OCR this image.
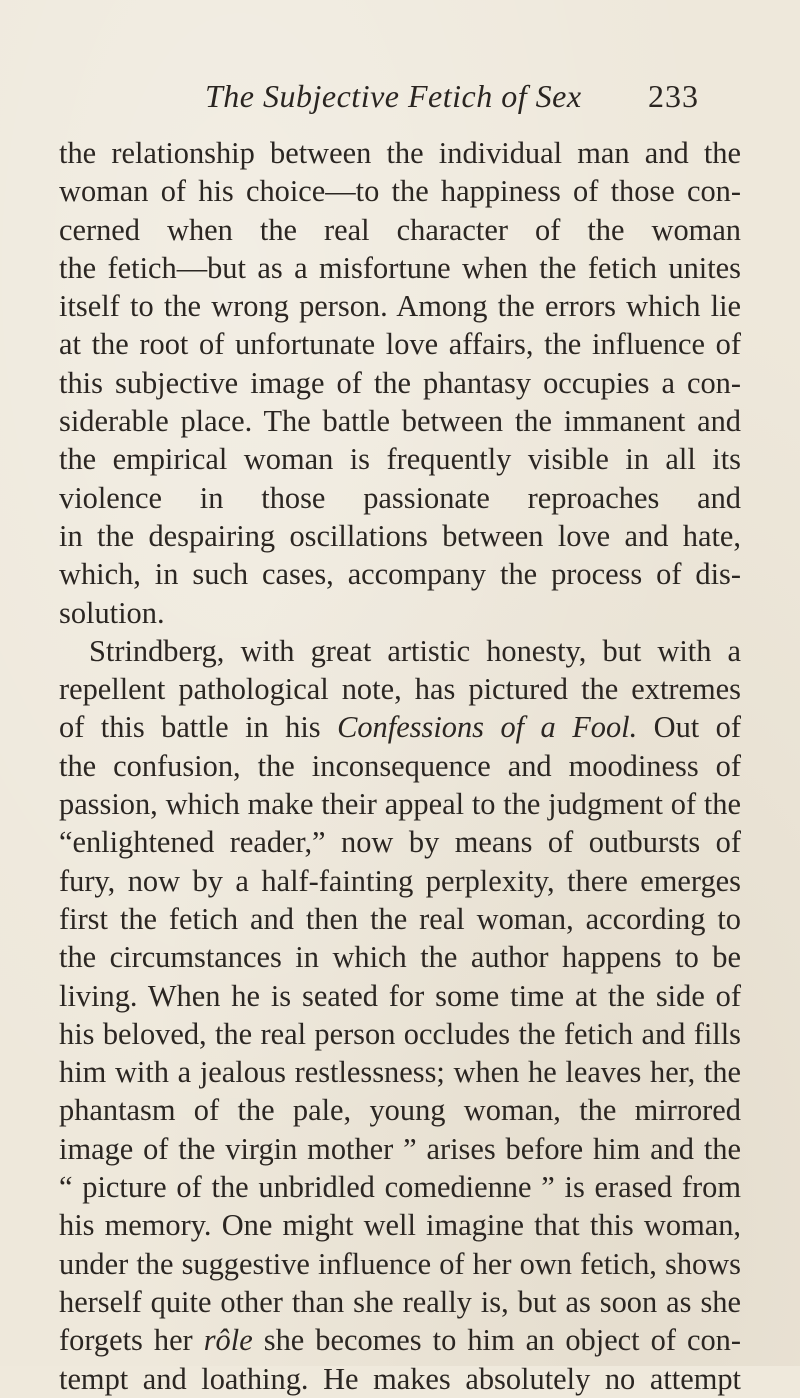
The Subjective Fetich of Sex 233
the relationship between the individual man and the
woman of his choice—to the happiness of those con-
cerned when the real character of the woman
the fetich—but as a misfortune when the fetich unites
itself to the wrong person. Among the errors which lie
at the root of unfortunate love affairs, the influence of
this subjective image of the phantasy occupies a con-
siderable place. The battle between the immanent and
the empirical woman is frequently visible in all its
violence in those passionate reproaches and
in the despairing oscillations between love and hate,
which, in such cases, accompany the process of dis-
solution.
Strindberg, with great artistic honesty, but with a
repellent pathological note, has pictured the extremes
of this battle in his Confessions of a Fool. Out of
the confusion, the inconsequence and moodiness of
passion, which make their appeal to the judgment of the
“enlightened reader,” now by means of outbursts of
fury, now by a half-fainting perplexity, there emerges
first the fetich and then the real woman, according to
the circumstances in which the author happens to be
living. When he is seated for some time at the side of
his beloved, the real person occludes the fetich and fills
him with a jealous restlessness; when he leaves her, the
phantasm of the pale, young woman, the mirrored
image of the virgin mother ” arises before him and the
“ picture of the unbridled comedienne ” is erased from
his memory. One might well imagine that this woman,
under the suggestive influence of her own fetich, shows
herself quite other than she really is, but as soon as she
forgets her rôle she becomes to him an object of con-
tempt and loathing. He makes absolutely no attempt
